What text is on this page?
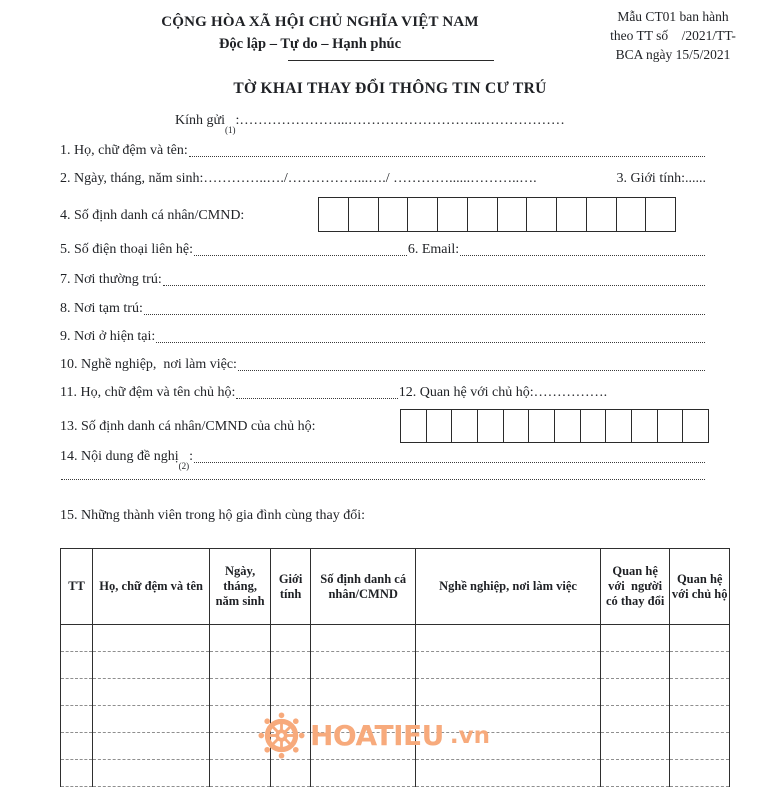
CỘNG HÒA XÃ HỘI CHỦ NGHĨA VIỆT NAM
Độc lập – Tự do – Hạnh phúc
Mẫu CT01 ban hành
theo TT số    /2021/TT-
BCA ngày 15/5/2021
TỜ KHAI THAY ĐỔI THÔNG TIN CƯ TRÚ
Kính gửi
(1)
: …………………...………………………..………………
1. Họ, chữ đệm và tên:
2. Ngày, tháng, năm sinh:…………..…./……………...…./ …………......………..….	3. Giới tính:......
4. Số định danh cá nhân/CMND:
5. Số điện thoại liên hệ:	6. Email:
7. Nơi thường trú:
8. Nơi tạm trú:
9. Nơi ở hiện tại:
10. Nghề nghiệp,  nơi làm việc:
11. Họ, chữ đệm và tên chủ hộ:	12. Quan hệ với chủ hộ: …………….
13. Số định danh cá nhân/CMND của chủ hộ:
14. Nội dung đề nghị
(2)
:
15. Những thành viên trong hộ gia đình cùng thay đổi:
TT	Họ, chữ đệm và tên	Ngày, tháng, năm sinh	Giới tính	Số định danh cá nhân/CMND	Nghề nghiệp, nơi làm việc	Quan hệ với  người có thay đổi	Quan hệ với chủ hộ

HOATIEU .vn
